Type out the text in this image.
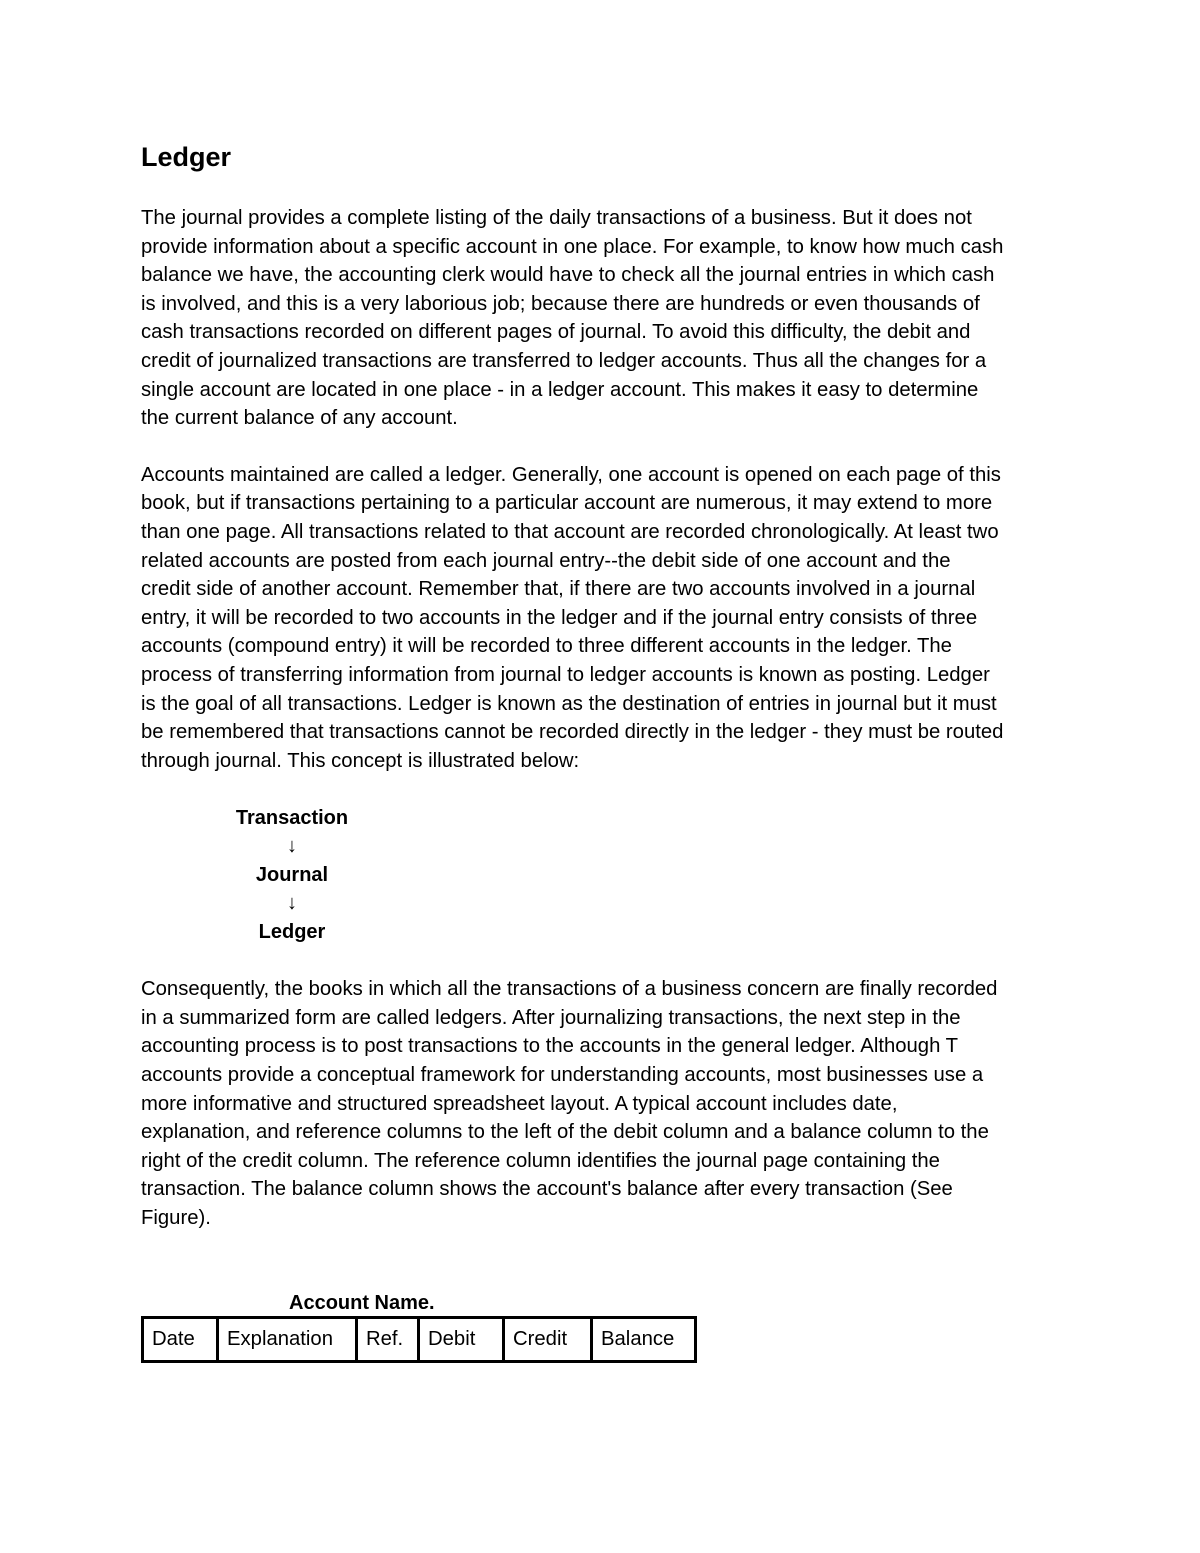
Ledger

The journal provides a complete listing of the daily transactions of a business. But it does not
provide information about a specific account in one place. For example, to know how much cash
balance we have, the accounting clerk would have to check all the journal entries in which cash
is involved, and this is a very laborious job; because there are hundreds or even thousands of
cash transactions recorded on different pages of journal. To avoid this difficulty, the debit and
credit of journalized transactions are transferred to ledger accounts. Thus all the changes for a
single account are located in one place - in a ledger account. This makes it easy to determine
the current balance of any account.

Accounts maintained are called a ledger. Generally, one account is opened on each page of this
book, but if transactions pertaining to a particular account are numerous, it may extend to more
than one page. All transactions related to that account are recorded chronologically. At least two
related accounts are posted from each journal entry--the debit side of one account and the
credit side of another account. Remember that, if there are two accounts involved in a journal
entry, it will be recorded to two accounts in the ledger and if the journal entry consists of three
accounts (compound entry) it will be recorded to three different accounts in the ledger. The
process of transferring information from journal to ledger accounts is known as posting. Ledger
is the goal of all transactions. Ledger is known as the destination of entries in journal but it must
be remembered that transactions cannot be recorded directly in the ledger - they must be routed
through journal. This concept is illustrated below:

Transaction
↓
Journal
↓
Ledger

Consequently, the books in which all the transactions of a business concern are finally recorded
in a summarized form are called ledgers. After journalizing transactions, the next step in the
accounting process is to post transactions to the accounts in the general ledger. Although T
accounts provide a conceptual framework for understanding accounts, most businesses use a
more informative and structured spreadsheet layout. A typical account includes date,
explanation, and reference columns to the left of the debit column and a balance column to the
right of the credit column. The reference column identifies the journal page containing the
transaction. The balance column shows the account's balance after every transaction (See
Figure).

Account Name.
Date	Explanation	Ref.	Debit	Credit	Balance
